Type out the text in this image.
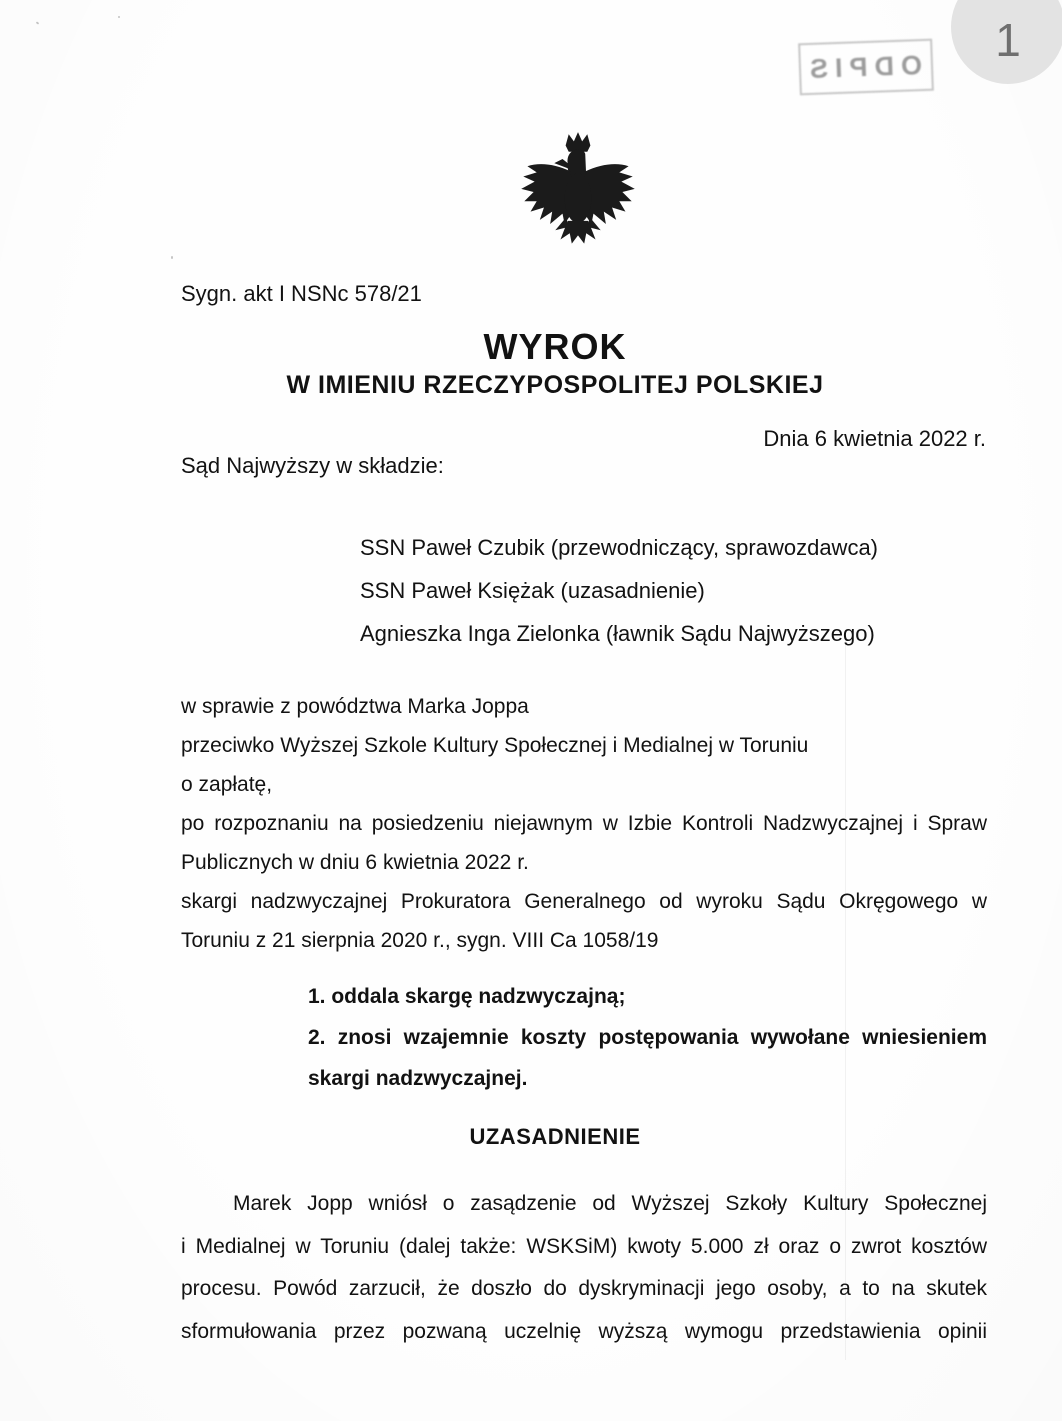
ODPIS
1
Sygn. akt I NSNc 578/21
WYROK
W IMIENIU RZECZYPOSPOLITEJ POLSKIEJ
Dnia 6 kwietnia 2022 r.
Sąd Najwyższy w składzie:
SSN Paweł Czubik (przewodniczący, sprawozdawca)
SSN Paweł Księżak (uzasadnienie)
Agnieszka Inga Zielonka (ławnik Sądu Najwyższego)
w sprawie z powództwa Marka Joppa
przeciwko Wyższej Szkole Kultury Społecznej i Medialnej w Toruniu
o zapłatę,
po rozpoznaniu na posiedzeniu niejawnym w Izbie Kontroli Nadzwyczajnej i Spraw
Publicznych w dniu 6 kwietnia 2022 r.
skargi nadzwyczajnej Prokuratora Generalnego od wyroku Sądu Okręgowego w
Toruniu z 21 sierpnia 2020 r., sygn. VIII Ca 1058/19
1. oddala skargę nadzwyczajną;
2. znosi wzajemnie koszty postępowania wywołane wniesieniem
skargi nadzwyczajnej.
UZASADNIENIE
Marek Jopp wniósł o zasądzenie od Wyższej Szkoły Kultury Społecznej
i Medialnej w Toruniu (dalej także: WSKSiM) kwoty 5.000 zł oraz o zwrot kosztów
procesu. Powód zarzucił, że doszło do dyskryminacji jego osoby, a to na skutek
sformułowania przez pozwaną uczelnię wyższą wymogu przedstawienia opinii
